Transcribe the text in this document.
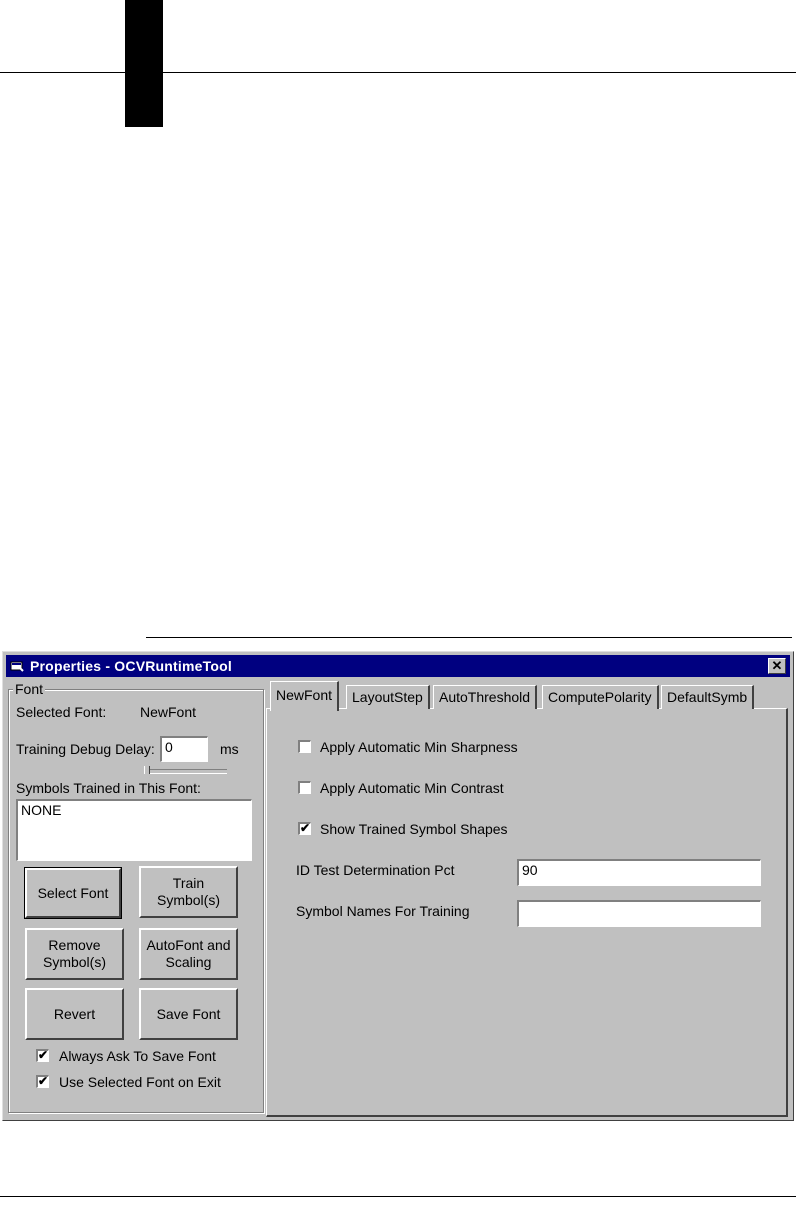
Properties - OCVRuntimeTool	✕
Font
Selected Font: NewFont
Training Debug Delay: 0	ms
Symbols Trained in This Font:
NONE
Select Font
Train
Symbol(s)
Remove
Symbol(s)
AutoFont and
Scaling
Revert	Save Font
✔ Always Ask To Save Font
✔ Use Selected Font on Exit
NewFont	LayoutStep	AutoThreshold	ComputePolarity	DefaultSymb
Apply Automatic Min Sharpness
Apply Automatic Min Contrast
✔ Show Trained Symbol Shapes
ID Test Determination Pct	90
Symbol Names For Training
